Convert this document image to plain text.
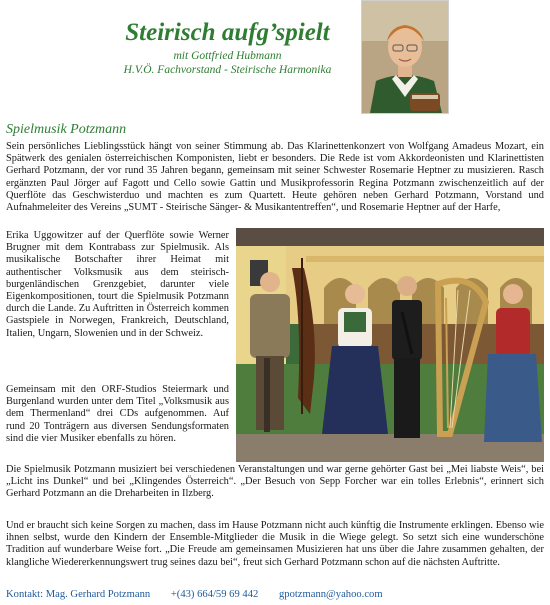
Steirisch aufg’spielt
mit Gottfried Hubmann
H.V.Ö. Fachvorstand - Steirische Harmonika
Spielmusik Potzmann
Sein persönliches Lieblingsstück hängt von seiner Stimmung ab. Das Klarinettenkonzert von Wolfgang Amadeus Mozart, ein Spätwerk des genialen österreichischen Komponisten, liebt er besonders. Die Rede ist vom Akkordeonisten und Klarinettisten Gerhard Potzmann, der vor rund 35 Jahren begann, gemeinsam mit seiner Schwester Rosemarie Heptner zu musizieren. Rasch ergänzten Paul Jörger auf Fagott und Cello sowie Gattin und Musikprofessorin Regina Potzmann zwischenzeitlich auf der Querflöte das Geschwisterduo und machten es zum Quartett. Heute gehören neben Gerhard Potzmann, Vorstand und Aufnahmeleiter des Vereins „SUMT - Steirische Sänger- & Musikantentreffen“, und Rosemarie Heptner auf der Harfe,
Erika Uggowitzer auf der Querflöte sowie Werner Brugner mit dem Kontrabass zur Spielmusik. Als musikalische Botschafter ihrer Heimat mit authentischer Volksmusik aus dem steirisch-burgenländischen Grenzgebiet, darunter viele Eigenkompositionen, tourt die Spielmusik Potzmann durch die Lande. Zu Auftritten in Österreich kommen Gastspiele in Norwegen, Frankreich, Deutschland, Italien, Ungarn, Slowenien und in der Schweiz.
Gemeinsam mit den ORF-Studios Steiermark und Burgenland wurden unter dem Titel „Volksmusik aus dem Thermenland“ drei CDs aufgenommen. Auf rund 20 Tonträgern aus diversen Sendungsformaten sind die vier Musiker ebenfalls zu hören.
Die Spielmusik Potzmann musiziert bei verschiedenen Veranstaltungen und war gerne gehörter Gast bei „Mei liabste Weis“, bei „Licht ins Dunkel“ und bei „Klingendes Österreich“. „Der Besuch von Sepp Forcher war ein tolles Erlebnis“, erinnert sich Gerhard Potzmann an die Dreharbeiten in Ilzberg.
Und er braucht sich keine Sorgen zu machen, dass im Hause Potzmann nicht auch künftig die Instrumente erklingen. Ebenso wie ihnen selbst, wurde den Kindern der Ensemble-Mitglieder die Musik in die Wiege gelegt. So setzt sich eine wunderschöne Tradition auf wunderbare Weise fort. „Die Freude am gemeinsamen Musizieren hat uns über die Jahre zusammen gehalten, der klangliche Wiedererkennungswert trug seines dazu bei“, freut sich Gerhard Potzmann schon auf die nächsten Auftritte.
Kontakt: Mag. Gerhard Potzmann +(43) 664/59 69 442 gpotzmann@yahoo.com
